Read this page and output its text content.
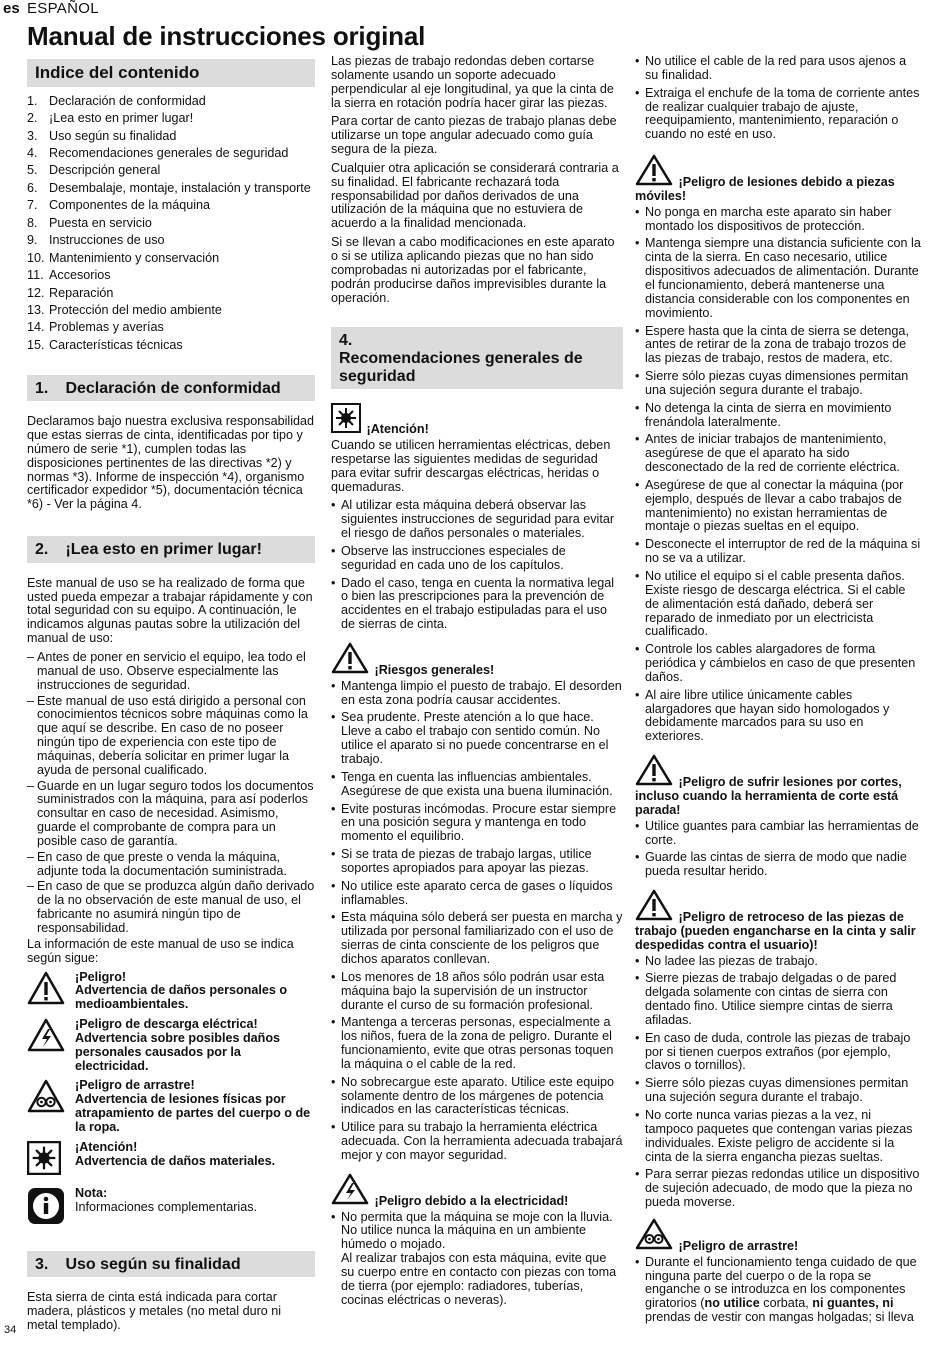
es ESPAÑOL
Manual de instrucciones original
Indice del contenido
1. Declaración de conformidad
2. ¡Lea esto en primer lugar!
3. Uso según su finalidad
4. Recomendaciones generales de seguridad
5. Descripción general
6. Desembalaje, montaje, instalación y transporte
7. Componentes de la máquina
8. Puesta en servicio
9. Instrucciones de uso
10. Mantenimiento y conservación
11. Accesorios
12. Reparación
13. Protección del medio ambiente
14. Problemas y averías
15. Características técnicas
1. Declaración de conformidad

Declaramos bajo nuestra exclusiva responsabilidad que estas sierras de cinta, identificadas por tipo y número de serie *1), cumplen todas las disposiciones pertinentes de las directivas *2) y normas *3). Informe de inspección *4), organismo certificador expedidor *5), documentación técnica *6) - Ver la página 4.

2. ¡Lea esto en primer lugar!

Este manual de uso se ha realizado de forma que usted pueda empezar a trabajar rápidamente y con total seguridad con su equipo. A continuación, le indicamos algunas pautas sobre la utilización del manual de uso:

– Antes de poner en servicio el equipo, lea todo el manual de uso. Observe especialmente las instrucciones de seguridad.
– Este manual de uso está dirigido a personal con conocimientos técnicos sobre máquinas como la que aquí se describe. En caso de no poseer ningún tipo de experiencia con este tipo de máquinas, debería solicitar en primer lugar la ayuda de personal cualificado.
– Guarde en un lugar seguro todos los documentos suministrados con la máquina, para así poderlos consultar en caso de necesidad. Asimismo, guarde el comprobante de compra para un posible caso de garantía.
– En caso de que preste o venda la máquina, adjunte toda la documentación suministrada.
– En caso de que se produzca algún daño derivado de la no observación de este manual de uso, el fabricante no asumirá ningún tipo de responsabilidad.

La información de este manual de uso se indica según sigue:

¡Peligro!
Advertencia de daños personales o medioambientales.
¡Peligro de descarga eléctrica!
Advertencia sobre posibles daños personales causados por la electricidad.
¡Peligro de arrastre!
Advertencia de lesiones físicas por atrapamiento de partes del cuerpo o de la ropa.
¡Atención!
Advertencia de daños materiales.
Nota:
Informaciones complementarias.
3. Uso según su finalidad

Esta sierra de cinta está indicada para cortar madera, plásticos y metales (no metal duro ni metal templado).

Las piezas de trabajo redondas deben cortarse solamente usando un soporte adecuado perpendicular al eje longitudinal, ya que la cinta de la sierra en rotación podría hacer girar las piezas.

Para cortar de canto piezas de trabajo planas debe utilizarse un tope angular adecuado como guía segura de la pieza.

Cualquier otra aplicación se considerará contraria a su finalidad. El fabricante rechazará toda responsabilidad por daños derivados de una utilización de la máquina que no estuviera de acuerdo a la finalidad mencionada.

Si se llevan a cabo modificaciones en este aparato o si se utiliza aplicando piezas que no han sido comprobadas ni autorizadas por el fabricante, podrán producirse daños imprevisibles durante la operación.

4. Recomendaciones generales de seguridad
¡Atención!

Cuando se utilicen herramientas eléctricas, deben respetarse las siguientes medidas de seguridad para evitar sufrir descargas eléctricas, heridas o quemaduras.

• Al utilizar esta máquina deberá observar las siguientes instrucciones de seguridad para evitar el riesgo de daños personales o materiales.
• Observe las instrucciones especiales de seguridad en cada uno de los capítulos.
• Dado el caso, tenga en cuenta la normativa legal o bien las prescripciones para la prevención de accidentes en el trabajo estipuladas para el uso de sierras de cinta.
¡Riesgos generales!
• Mantenga limpio el puesto de trabajo. El desorden en esta zona podría causar accidentes.
• Sea prudente. Preste atención a lo que hace. Lleve a cabo el trabajo con sentido común. No utilice el aparato si no puede concentrarse en el trabajo.
• Tenga en cuenta las influencias ambientales. Asegúrese de que exista una buena iluminación.
• Evite posturas incómodas. Procure estar siempre en una posición segura y mantenga en todo momento el equilibrio.
• Si se trata de piezas de trabajo largas, utilice soportes apropiados para apoyar las piezas.
• No utilice este aparato cerca de gases o líquidos inflamables.
• Esta máquina sólo deberá ser puesta en marcha y utilizada por personal familiarizado con el uso de sierras de cinta consciente de los peligros que dichos aparatos conllevan.
• Los menores de 18 años sólo podrán usar esta máquina bajo la supervisión de un instructor durante el curso de su formación profesional.
• Mantenga a terceras personas, especialmente a los niños, fuera de la zona de peligro. Durante el funcionamiento, evite que otras personas toquen la máquina o el cable de la red.
• No sobrecargue este aparato. Utilice este equipo solamente dentro de los márgenes de potencia indicados en las características técnicas.
• Utilice para su trabajo la herramienta eléctrica adecuada. Con la herramienta adecuada trabajará mejor y con mayor seguridad.
¡Peligro debido a la electricidad!
• No permita que la máquina se moje con la lluvia.
No utilice nunca la máquina en un ambiente húmedo o mojado.
Al realizar trabajos con esta máquina, evite que su cuerpo entre en contacto con piezas con toma de tierra (por ejemplo: radiadores, tuberías, cocinas eléctricas o neveras).
• No utilice el cable de la red para usos ajenos a su finalidad.
• Extraiga el enchufe de la toma de corriente antes de realizar cualquier trabajo de ajuste, reequipamiento, mantenimiento, reparación o cuando no esté en uso.
¡Peligro de lesiones debido a piezas móviles!
• No ponga en marcha este aparato sin haber montado los dispositivos de protección.
• Mantenga siempre una distancia suficiente con la cinta de la sierra. En caso necesario, utilice dispositivos adecuados de alimentación. Durante el funcionamiento, deberá mantenerse una distancia considerable con los componentes en movimiento.
• Espere hasta que la cinta de sierra se detenga, antes de retirar de la zona de trabajo trozos de las piezas de trabajo, restos de madera, etc.
• Sierre sólo piezas cuyas dimensiones permitan una sujeción segura durante el trabajo.
• No detenga la cinta de sierra en movimiento frenándola lateralmente.
• Antes de iniciar trabajos de mantenimiento, asegúrese de que el aparato ha sido desconectado de la red de corriente eléctrica.
• Asegúrese de que al conectar la máquina (por ejemplo, después de llevar a cabo trabajos de mantenimiento) no existan herramientas de montaje o piezas sueltas en el equipo.
• Desconecte el interruptor de red de la máquina si no se va a utilizar.
• No utilice el equipo si el cable presenta daños. Existe riesgo de descarga eléctrica. Si el cable de alimentación está dañado, deberá ser reparado de inmediato por un electricista cualificado.
• Controle los cables alargadores de forma periódica y cámbielos en caso de que presenten daños.
• Al aire libre utilice únicamente cables alargadores que hayan sido homologados y debidamente marcados para su uso en exteriores.
¡Peligro de sufrir lesiones por cortes, incluso cuando la herramienta de corte está parada!
• Utilice guantes para cambiar las herramientas de corte.
• Guarde las cintas de sierra de modo que nadie pueda resultar herido.
¡Peligro de retroceso de las piezas de trabajo (pueden engancharse en la cinta y salir despedidas contra el usuario)!
• No ladee las piezas de trabajo.
• Sierre piezas de trabajo delgadas o de pared delgada solamente con cintas de sierra con dentado fino. Utilice siempre cintas de sierra afiladas.
• En caso de duda, controle las piezas de trabajo por si tienen cuerpos extraños (por ejemplo, clavos o tornillos).
• Sierre sólo piezas cuyas dimensiones permitan una sujeción segura durante el trabajo.
• No corte nunca varias piezas a la vez, ni tampoco paquetes que contengan varias piezas individuales. Existe peligro de accidente si la cinta de la sierra engancha piezas sueltas.
• Para serrar piezas redondas utilice un dispositivo de sujeción adecuado, de modo que la pieza no pueda moverse.
¡Peligro de arrastre!
• Durante el funcionamiento tenga cuidado de que ninguna parte del cuerpo o de la ropa se enganche o se introduzca en los componentes giratorios (no utilice corbata, ni guantes, ni prendas de vestir con mangas holgadas; si lleva
34
